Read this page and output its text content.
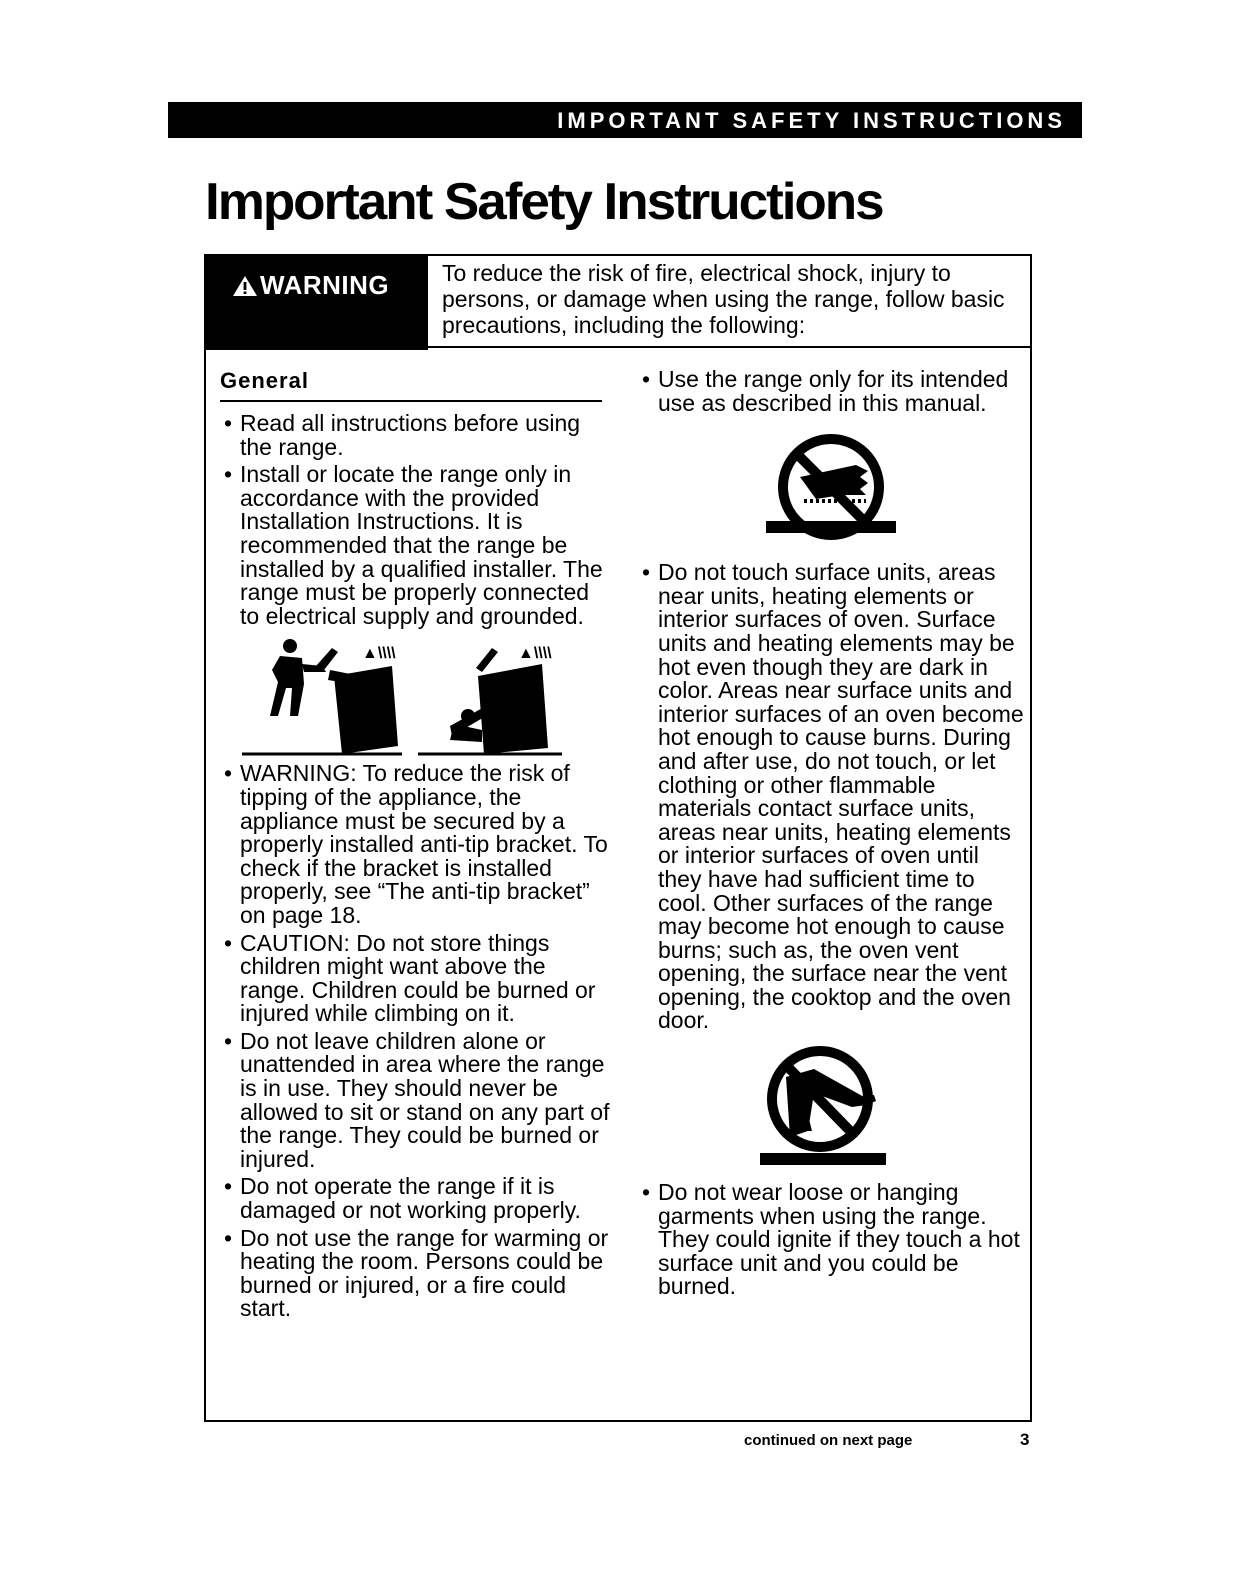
IMPORTANT SAFETY INSTRUCTIONS
Important Safety Instructions
WARNING To reduce the risk of fire, electrical shock, injury to persons, or damage when using the range, follow basic precautions, including the following:
General
• Read all instructions before using the range.
• Install or locate the range only in accordance with the provided Installation Instructions. It is recommended that the range be installed by a qualified installer. The range must be properly connected to electrical supply and grounded.
▲\\\\	▲\\\\
• WARNING: To reduce the risk of tipping of the appliance, the appliance must be secured by a properly installed anti-tip bracket. To check if the bracket is installed properly, see “The anti-tip bracket” on page 18.
• CAUTION: Do not store things children might want above the range. Children could be burned or injured while climbing on it.
• Do not leave children alone or unattended in area where the range is in use. They should never be allowed to sit or stand on any part of the range. They could be burned or injured.
• Do not operate the range if it is damaged or not working properly.
• Do not use the range for warming or heating the room. Persons could be burned or injured, or a fire could start.
• Use the range only for its intended use as described in this manual.
• Do not touch surface units, areas near units, heating elements or interior surfaces of oven. Surface units and heating elements may be hot even though they are dark in color. Areas near surface units and interior surfaces of an oven become hot enough to cause burns. During and after use, do not touch, or let clothing or other flammable materials contact surface units, areas near units, heating elements or interior surfaces of oven until they have had sufficient time to cool. Other surfaces of the range may become hot enough to cause burns; such as, the oven vent opening, the surface near the vent opening, the cooktop and the oven door.
• Do not wear loose or hanging garments when using the range. They could ignite if they touch a hot surface unit and you could be burned.
continued on next page	3
